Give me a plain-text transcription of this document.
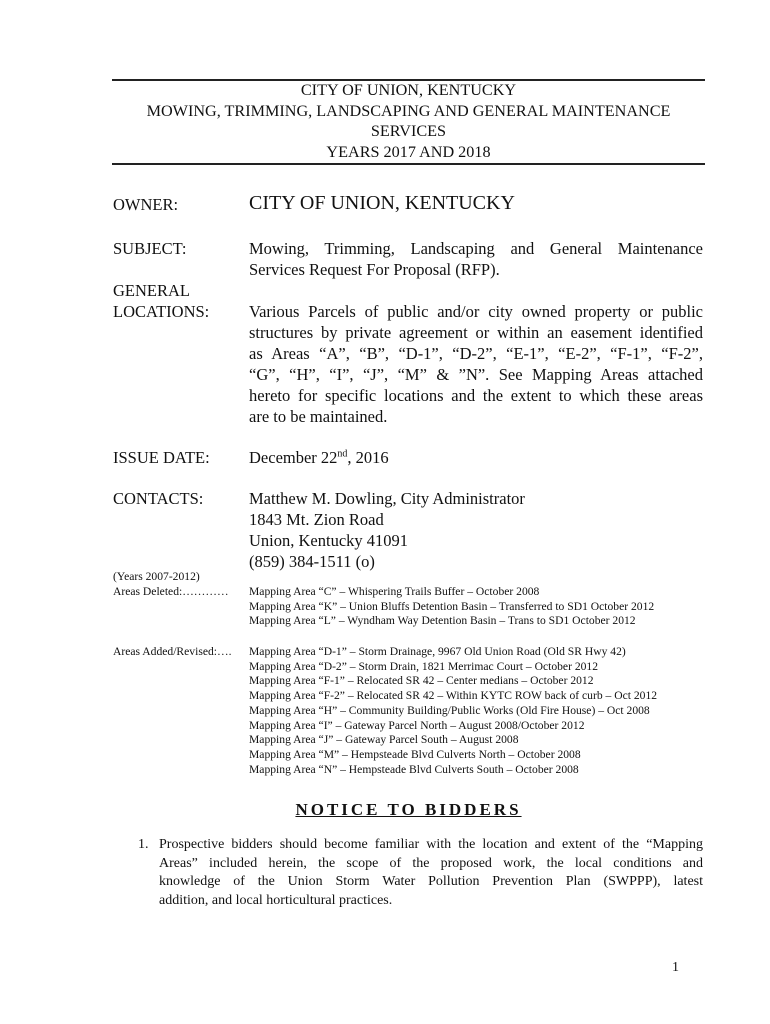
CITY OF UNION, KENTUCKY
MOWING, TRIMMING, LANDSCAPING AND GENERAL MAINTENANCE
SERVICES
YEARS 2017 AND 2018
OWNER:	CITY OF UNION, KENTUCKY
SUBJECT:	Mowing, Trimming, Landscaping and General Maintenance
Services Request For Proposal (RFP).
GENERAL
LOCATIONS: Various Parcels of public and/or city owned property or public
structures by private agreement or within an easement identified
as Areas “A”, “B”, “D-1”, “D-2”, “E-1”, “E-2”, “F-1”, “F-2”,
“G”, “H”, “I”, “J”, “M” & ”N”. See Mapping Areas attached
hereto for specific locations and the extent to which these areas
are to be maintained.
ISSUE DATE: December 22nd, 2016
CONTACTS:	Matthew M. Dowling, City Administrator
1843 Mt. Zion Road
Union, Kentucky 41091
(859) 384-1511 (o)
(Years 2007-2012)
Areas Deleted:………… Mapping Area “C” – Whispering Trails Buffer – October 2008
Mapping Area “K” – Union Bluffs Detention Basin – Transferred to SD1 October 2012
Mapping Area “L” – Wyndham Way Detention Basin – Trans to SD1 October 2012
Areas Added/Revised:…. Mapping Area “D-1” – Storm Drainage, 9967 Old Union Road (Old SR Hwy 42)
Mapping Area “D-2” – Storm Drain, 1821 Merrimac Court – October 2012
Mapping Area “F-1” – Relocated SR 42 – Center medians – October 2012
Mapping Area “F-2” – Relocated SR 42 – Within KYTC ROW back of curb – Oct 2012
Mapping Area “H” – Community Building/Public Works (Old Fire House) – Oct 2008
Mapping Area “I” – Gateway Parcel North – August 2008/October 2012
Mapping Area “J” – Gateway Parcel South – August 2008
Mapping Area “M” – Hempsteade Blvd Culverts North – October 2008
Mapping Area “N” – Hempsteade Blvd Culverts South – October 2008
NOTICE TO BIDDERS
1. Prospective bidders should become familiar with the location and extent of the “Mapping
Areas” included herein, the scope of the proposed work, the local conditions and
knowledge of the Union Storm Water Pollution Prevention Plan (SWPPP), latest
addition, and local horticultural practices.
1
